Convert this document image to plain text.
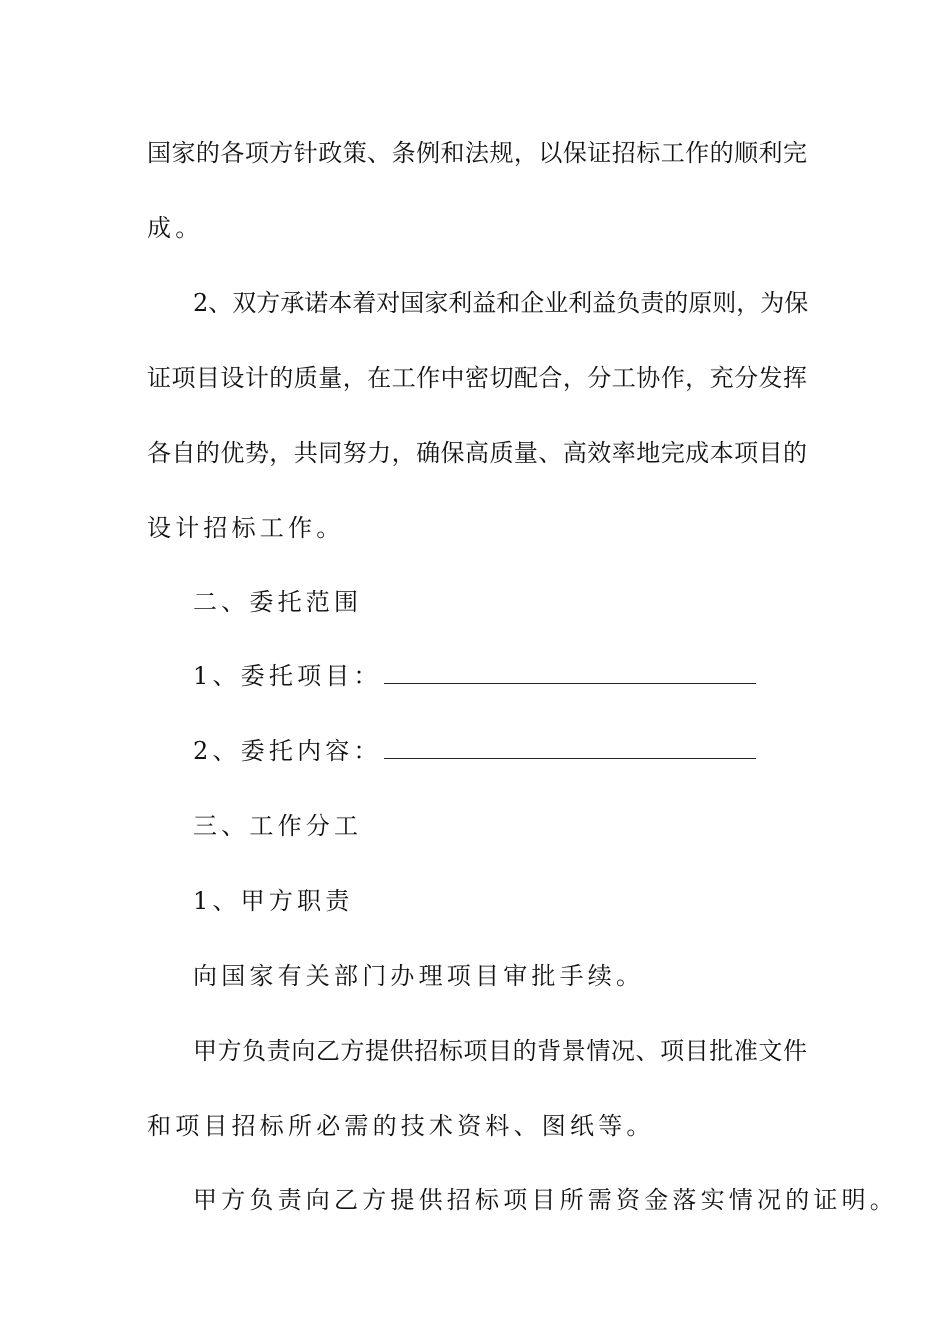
国家的各项方针政策、条例和法规，以保证招标工作的顺利完
成。
2、双方承诺本着对国家利益和企业利益负责的原则，为保
证项目设计的质量，在工作中密切配合，分工协作，充分发挥
各自的优势，共同努力，确保高质量、高效率地完成本项目的
设计招标工作。
二、委托范围
1、委托项目：
2、委托内容：
三、工作分工
1、甲方职责
向国家有关部门办理项目审批手续。
甲方负责向乙方提供招标项目的背景情况、项目批准文件
和项目招标所必需的技术资料、图纸等。
甲方负责向乙方提供招标项目所需资金落实情况的证明。
